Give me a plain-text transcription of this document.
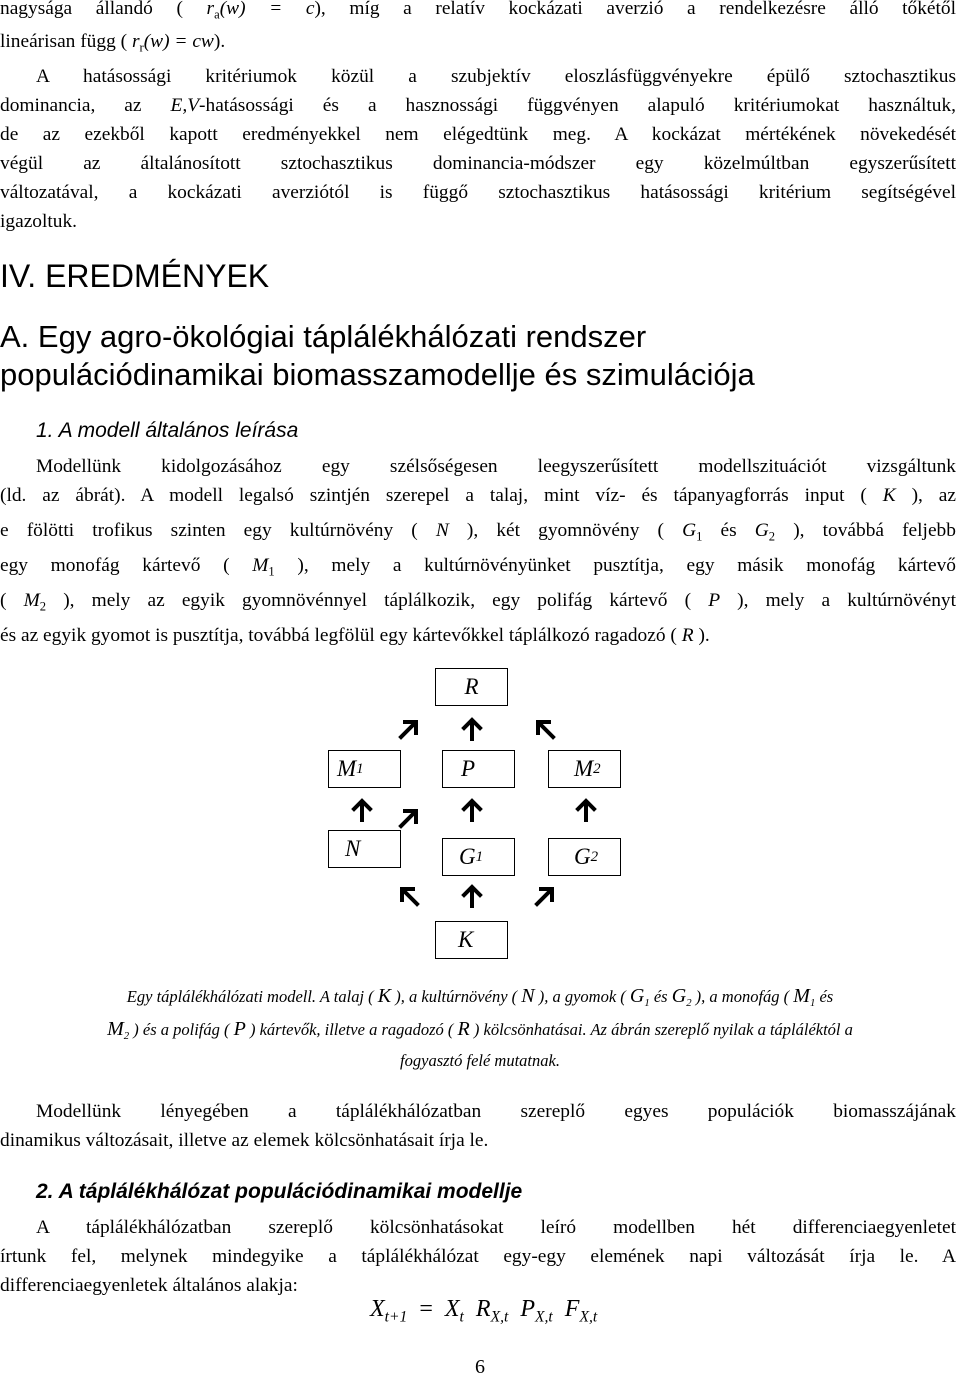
nagysága állandó ( $r_a(w) = c$), míg a relatív kockázati averzió a rendelkezésre álló tőkétől
lineárisan függ ( $r_r(w) = cw$).
A hatásossági kritériumok közül a szubjektív eloszlásfüggvényekre épülő sztochasztikus
dominancia, az E,V-hatásossági és a hasznossági függvényen alapuló kritériumokat használtuk,
de az ezekből kapott eredményekkel nem elégedtünk meg. A kockázat mértékének növekedését
végül az általánosított sztochasztikus dominancia-módszer egy közelmúltban egyszerűsített
változatával, a kockázati averziótól is függő sztochasztikus hatásossági kritérium segítségével
igazoltuk.
IV. EREDMÉNYEK
A. Egy agro-ökológiai táplálékhálózati rendszer
populációdinamikai biomasszamodellje és szimulációja
1. A modell általános leírása
Modellünk kidolgozásához egy szélsőségesen leegyszerűsített modellszituációt vizsgáltunk
(ld. az ábrát). A modell legalsó szintjén szerepel a talaj, mint víz- és tápanyagforrás input ( K ), az
e fölötti trofikus szinten egy kultúrnövény ( N ), két gyomnövény ( $G_1$ és $G_2$ ), továbbá feljebb
egy monofág kártevő ( $M_1$ ), mely a kultúrnövényünket pusztítja, egy másik monofág kártevő
( $M_2$ ), mely az egyik gyomnövénnyel táplálkozik, egy polifág kártevő ( P ), mely a kultúrnövényt
és az egyik gyomot is pusztítja, továbbá legfölül egy kártevőkkel táplálkozó ragadozó ( R ).
R
M 1	P	M 2
N	G 1	G 2
K
Egy táplálékhálózati modell. A talaj ( K ), a kultúrnövény ( N ), a gyomok ( $G_1$ és $G_2$ ), a monofág ( $M_1$ és
$M_2$ ) és a polifág ( P ) kártevők, illetve a ragadozó ( R ) kölcsönhatásai. Az ábrán szereplő nyilak a tápláléktól a
fogyasztó felé mutatnak.
Modellünk lényegében a táplálékhálózatban szereplő egyes populációk biomasszájának
dinamikus változásait, illetve az elemek kölcsönhatásait írja le.
2. A táplálékhálózat populációdinamikai modellje
A táplálékhálózatban szereplő kölcsönhatásokat leíró modellben hét differenciaegyenletet
írtunk fel, melynek mindegyike a táplálékhálózat egy-egy elemének napi változását írja le. A
differenciaegyenletek általános alakja:
$X_{t+1} = X_t$ $R_{X,t}$ $P_{X,t}$ $F_{X,t}$
6
